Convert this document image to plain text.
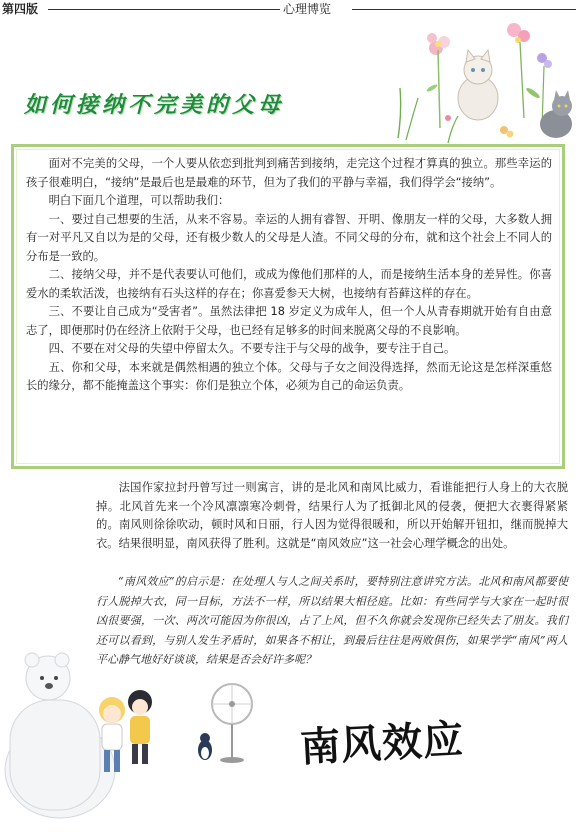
第四版	心理博览
如何接纳不完美的父母

面对不完美的父母，一个人要从依恋到批判到痛苦到接纳，走完这个过程才算真的独立。那些幸运的孩子很难明白，“接纳”是最后也是最难的环节，但为了我们的平静与幸福，我们得学会“接纳”。

明白下面几个道理，可以帮助我们：

一、要过自己想要的生活，从来不容易。幸运的人拥有睿智、开明、像朋友一样的父母，大多数人拥有一对平凡又自以为是的父母，还有极少数人的父母是人渣。不同父母的分布，就和这个社会上不同人的分布是一致的。

二、接纳父母，并不是代表要认可他们，或成为像他们那样的人，而是接纳生活本身的差异性。你喜爱水的柔软活泼，也接纳有石头这样的存在；你喜爱参天大树，也接纳有苔藓这样的存在。

三、不要让自己成为“受害者”。虽然法律把 18 岁定义为成年人，但一个人从青春期就开始有自由意志了，即便那时仍在经济上依附于父母，也已经有足够多的时间来脱离父母的不良影响。

四、不要在对父母的失望中停留太久。不要专注于与父母的战争，要专注于自己。

五、你和父母，本来就是偶然相遇的独立个体。父母与子女之间没得选择，然而无论这是怎样深重悠长的缘分，都不能掩盖这个事实：你们是独立个体，必须为自己的命运负责。

法国作家拉封丹曾写过一则寓言，讲的是北风和南风比威力，看谁能把行人身上的大衣脱掉。北风首先来一个冷风凛凛寒冷刺骨，结果行人为了抵御北风的侵袭，便把大衣裹得紧紧的。南风则徐徐吹动，顿时风和日丽，行人因为觉得很暖和，所以开始解开钮扣，继而脱掉大衣。结果很明显，南风获得了胜利。这就是“南风效应”这一社会心理学概念的出处。

“南风效应”的启示是：在处理人与人之间关系时，要特别注意讲究方法。北风和南风都要使行人脱掉大衣，同一目标，方法不一样，所以结果大相径庭。比如：有些同学与大家在一起时很凶很要强，一次、两次可能因为你很凶，占了上风，但不久你就会发现你已经失去了朋友。我们还可以看到，与别人发生矛盾时，如果各不相让，到最后往往是两败俱伤，如果学学“南风”两人平心静气地好好谈谈，结果是否会好许多呢？

南风效应
